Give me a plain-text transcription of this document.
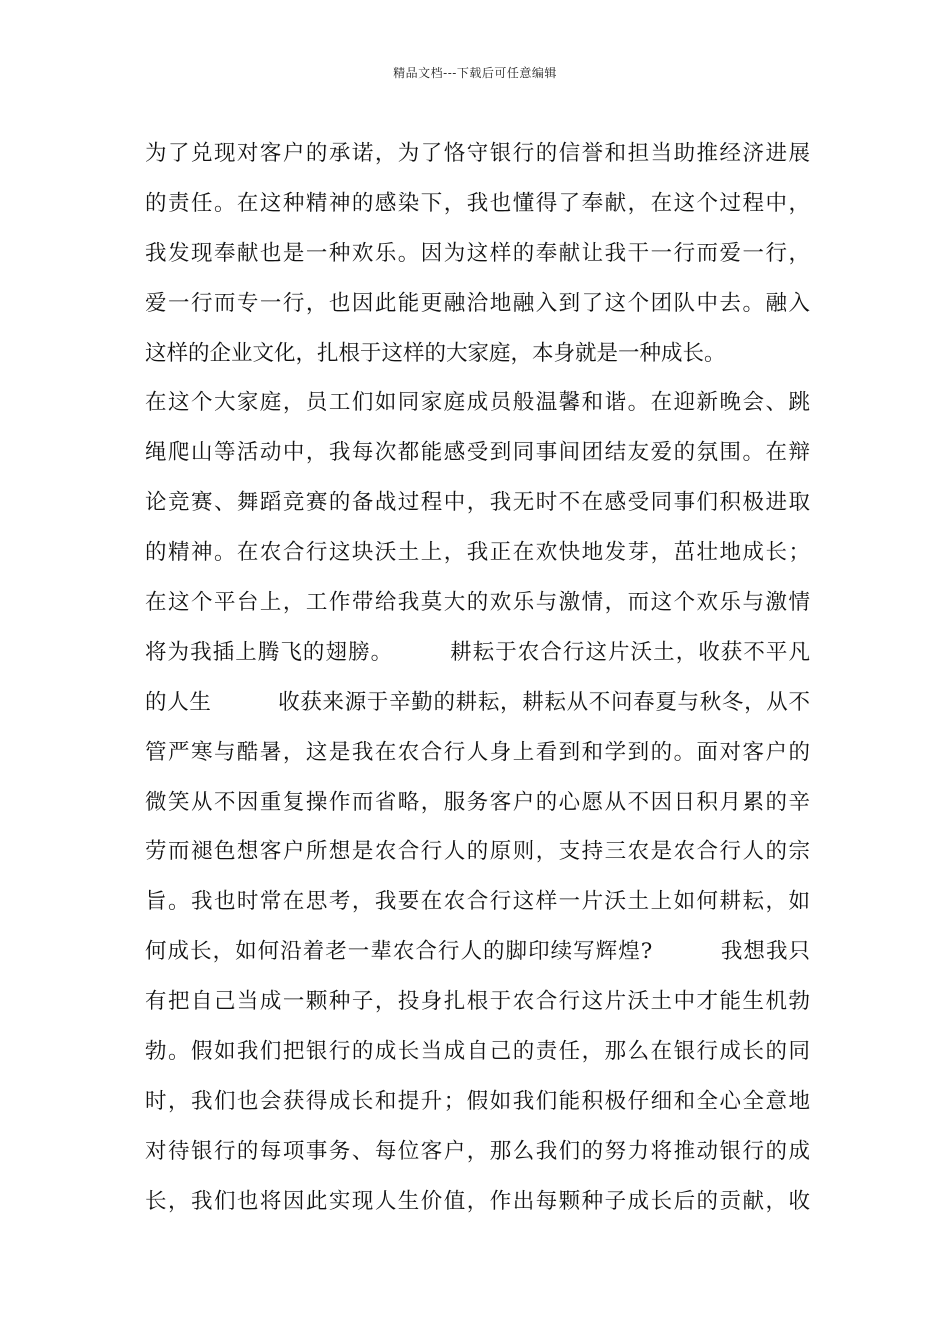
精品文档---下载后可任意编辑
为了兑现对客户的承诺，为了恪守银行的信誉和担当助推经济进展
的责任。在这种精神的感染下，我也懂得了奉献，在这个过程中，
我发现奉献也是一种欢乐。因为这样的奉献让我干一行而爱一行，
爱一行而专一行，也因此能更融洽地融入到了这个团队中去。融入
这样的企业文化，扎根于这样的大家庭，本身就是一种成长。
在这个大家庭，员工们如同家庭成员般温馨和谐。在迎新晚会、跳
绳爬山等活动中，我每次都能感受到同事间团结友爱的氛围。在辩
论竞赛、舞蹈竞赛的备战过程中，我无时不在感受同事们积极进取
的精神。在农合行这块沃土上，我正在欢快地发芽，茁壮地成长；
在这个平台上，工作带给我莫大的欢乐与激情，而这个欢乐与激情
将为我插上腾飞的翅膀。　　　耕耘于农合行这片沃土，收获不平凡
的人生　　　收获来源于辛勤的耕耘，耕耘从不问春夏与秋冬，从不
管严寒与酷暑，这是我在农合行人身上看到和学到的。面对客户的
微笑从不因重复操作而省略，服务客户的心愿从不因日积月累的辛
劳而褪色想客户所想是农合行人的原则，支持三农是农合行人的宗
旨。我也时常在思考，我要在农合行这样一片沃土上如何耕耘，如
何成长，如何沿着老一辈农合行人的脚印续写辉煌?　　　我想我只
有把自己当成一颗种子，投身扎根于农合行这片沃土中才能生机勃
勃。假如我们把银行的成长当成自己的责任，那么在银行成长的同
时，我们也会获得成长和提升；假如我们能积极仔细和全心全意地
对待银行的每项事务、每位客户，那么我们的努力将推动银行的成
长，我们也将因此实现人生价值，作出每颗种子成长后的贡献，收
